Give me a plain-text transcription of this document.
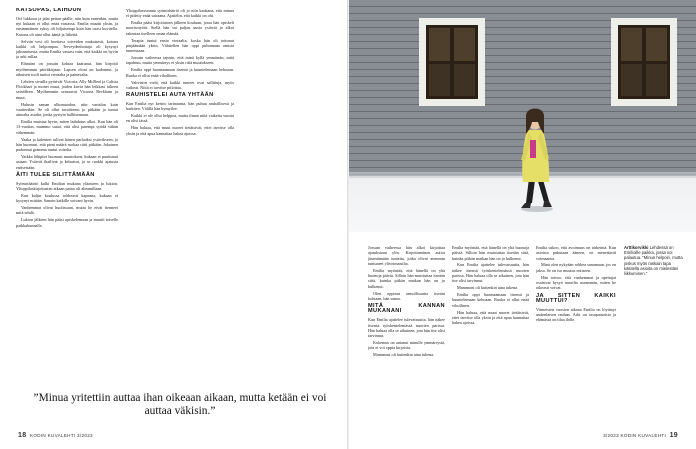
KATSOPAS, LAIHDUN

Ovi lukkoon ja jalat peiton päälle, niin kuin ennenkin, mutta nyt kukaan ei ollut enää vastassa. Emilia muutti yksin, ja ensimmäinen syksy oli hiljaisempi kuin hän osasi kuvitella. Kotona oli aina ollut ääntä ja liikettä.

Selviin vesi oli koettava toiveiden mukaisesti, kotona kaikki oli helpompaa. Terveydenhoitaja oli kysynyt jaksamisesta, mutta Emilia vastasi vain, että kaikki on hyvin ja arki rullaa.

Elämäni on jossain kohtaa kaatunut, hän kirjoitti myöhemmin päiväkirjaan. Lapsen oloni on kadonnut, ja aikuisen rooli tuntui vieraalta ja painavalta.

Lehtien sivuilla pyörivät Victoria, Ally McBeal ja Calista Flockhart ja monet muut, joiden kuvia hän leikkasi talteen seinälleen. Myöhemmin seuraavat Victoria Beckham ja muut.

Halusin saman ulkomuodon, niin vartalon kuin vaatteetkin. Se oli ollut tavoitteeni jo pitkään ja tuntui ainoalta asialta, jonka pystyin hallitsemaan.

Emilia muistaa hyvin, miten laihdutus alkoi. Kun hän oli 13-vuotias, mummo sanoi, että olisi parempi syödä vähän vähemmän.

Vaaka ja kalenteri tulivat hänen parhaiksi ystävikseen, ja hän huomasi, että pieni määrä ruokaa riitti pitkään. Jokainen pudonnut gramma tuntui voitolta.

Vaikka lähipiiri huomasi muutoksen, kukaan ei puuttunut asiaan. Ystävät ihailivat ja kehuivat, ja se ruokki ajatusta entisestään.

ÄITI TULEE SILITTÄMÄÄN

Syömishäiriö kulki Emilian mukana yläasteen ja lukion. Ylioppilaskirjoitusten aikaan paino oli alimmillaan.

Kun kuljin koulussa rohkeasti kapeana, kukaan ei kysynyt mitään. Sanoin kaikille voivani hyvin.

Vanhemmat olivat huolissaan, mutta he eivät tienneet mitä tehdä.

Lukion jälkeen hän pääsi opiskelemaan ja muutti toiselle paikkakunnalle.

Ylioppilasvuonna syömishäiriö oli jo niin kaukana, että minua ei pidetty enää sairaana. Ajattelin, että kaikki on ohi.

Emilia pääsi kirjoitusten jälkeen kouluun, jossa hän opiskeli nuorisotyötä. Siellä hän sai paljon uusia ystäviä ja alkoi rakentaa itselleen omaa elämää.

Terapia tuntui ensin vieraalta, koska hän oli tottunut pärjäämään yksin. Vähitellen hän oppi puhumaan omista tunteistaan.

Jossain vaiheessa tajusin, että minä kyllä ymmärrän, mitä tapahtuu, mutta ymmärrys ei yksin riitä muutokseen.

Emilia oppi huomaamaan itsensä ja kuuntelemaan kehoaan. Ruoka ei ollut enää vihollinen.

Vahvistin vielä, että kaikki tunteet ovat sallittuja, myös vaikeat. Niitä ei tarvitse piilottaa.

RAUHISTELEI AUTA YHTÄÄN

Kun Emilia nyt kertoo tarinaansa, hän puhuu rauhallisesti ja harkiten. Välillä hän hymyilee.

Kaikki ei ole ollut helppoa, mutta ilman niitä vaikeita vuosia en olisi tässä.

Hän haluaa, että muut nuoret tietäisivät, ettei tarvitse olla yksin ja että apua kannattaa hakea ajoissa.

”Minua yritettiin auttaa ihan oikeaan aikaan, mutta ketään ei voi auttaa väkisin.”
18 KODIN KUVALEHTI 3/2023

Jossain vaiheessa hän alkoi kirjoittaa ajatuksiaan ylös. Kirjoittaminen auttoi jäsentämään tunteita, jotka olivat aiemmin tuntuneet ylivoimaisilta.

Emilia myöntää, että hänellä on yhä huonoja päiviä. Silloin hän muistuttaa itseään siitä, kuinka pitkän matkan hän on jo kulkenut.

Olen oppinut armollisuutta itseäni kohtaan, hän sanoo.

MITÄ KANNAN MUKANANI

Kun Emilia ajattelee tulevaisuutta, hän näkee itsensä työskentelemässä nuorten parissa. Hän haluaa olla se aikuinen, jota hän itse olisi tarvinnut.

Kokemus on antanut minulle ymmärrystä, jota ei voi oppia kirjoista.

Mammoni oli kuitenkin aina tukena.

Emilia myöntää, että hänellä on yhä huonoja päiviä. Silloin hän muistuttaa itseään siitä, kuinka pitkän matkan hän on jo kulkenut.

Kun Emilia ajattelee tulevaisuutta, hän näkee itsensä työskentelemässä nuorten parissa. Hän haluaa olla se aikuinen, jota hän itse olisi tarvinnut.

Mammoni oli kuitenkin aina tukena.

Emilia oppi huomaamaan itsensä ja kuuntelemaan kehoaan. Ruoka ei ollut enää vihollinen.

Hän haluaa, että muut nuoret tietäisivät, ettei tarvitse olla yksin ja että apua kannattaa hakea ajoissa.

Emilia uskoo, että avoimuus on tärkeintä. Kun asioista puhutaan ääneen, ne menettävät voimaansa.

Minä olen nykyään rohkea sanomaan, jos en jaksa. Se on iso muutos entiseen.

Hän toivoo, että vanhemmat ja opettajat osaisivat kysyä nuorilta useammin, miten he oikeasti voivat.

JA SITTEN KAIKKI MUUTTUI?

Viimeisten vuosien aikana Emilia on löytänyt uudenlaisen rauhan. Arki on tasapainoista ja elämässä on tilaa ilolle.

Arttikorvikki Lehdessä on Emilioille paikka, jossa voi palautua. ”Minun helpoin, mutta joskus myös raskain tapa käsitellä asioita on mielestäni liikkuminen.”
3/2023 KODIN KUVALEHTI 19
